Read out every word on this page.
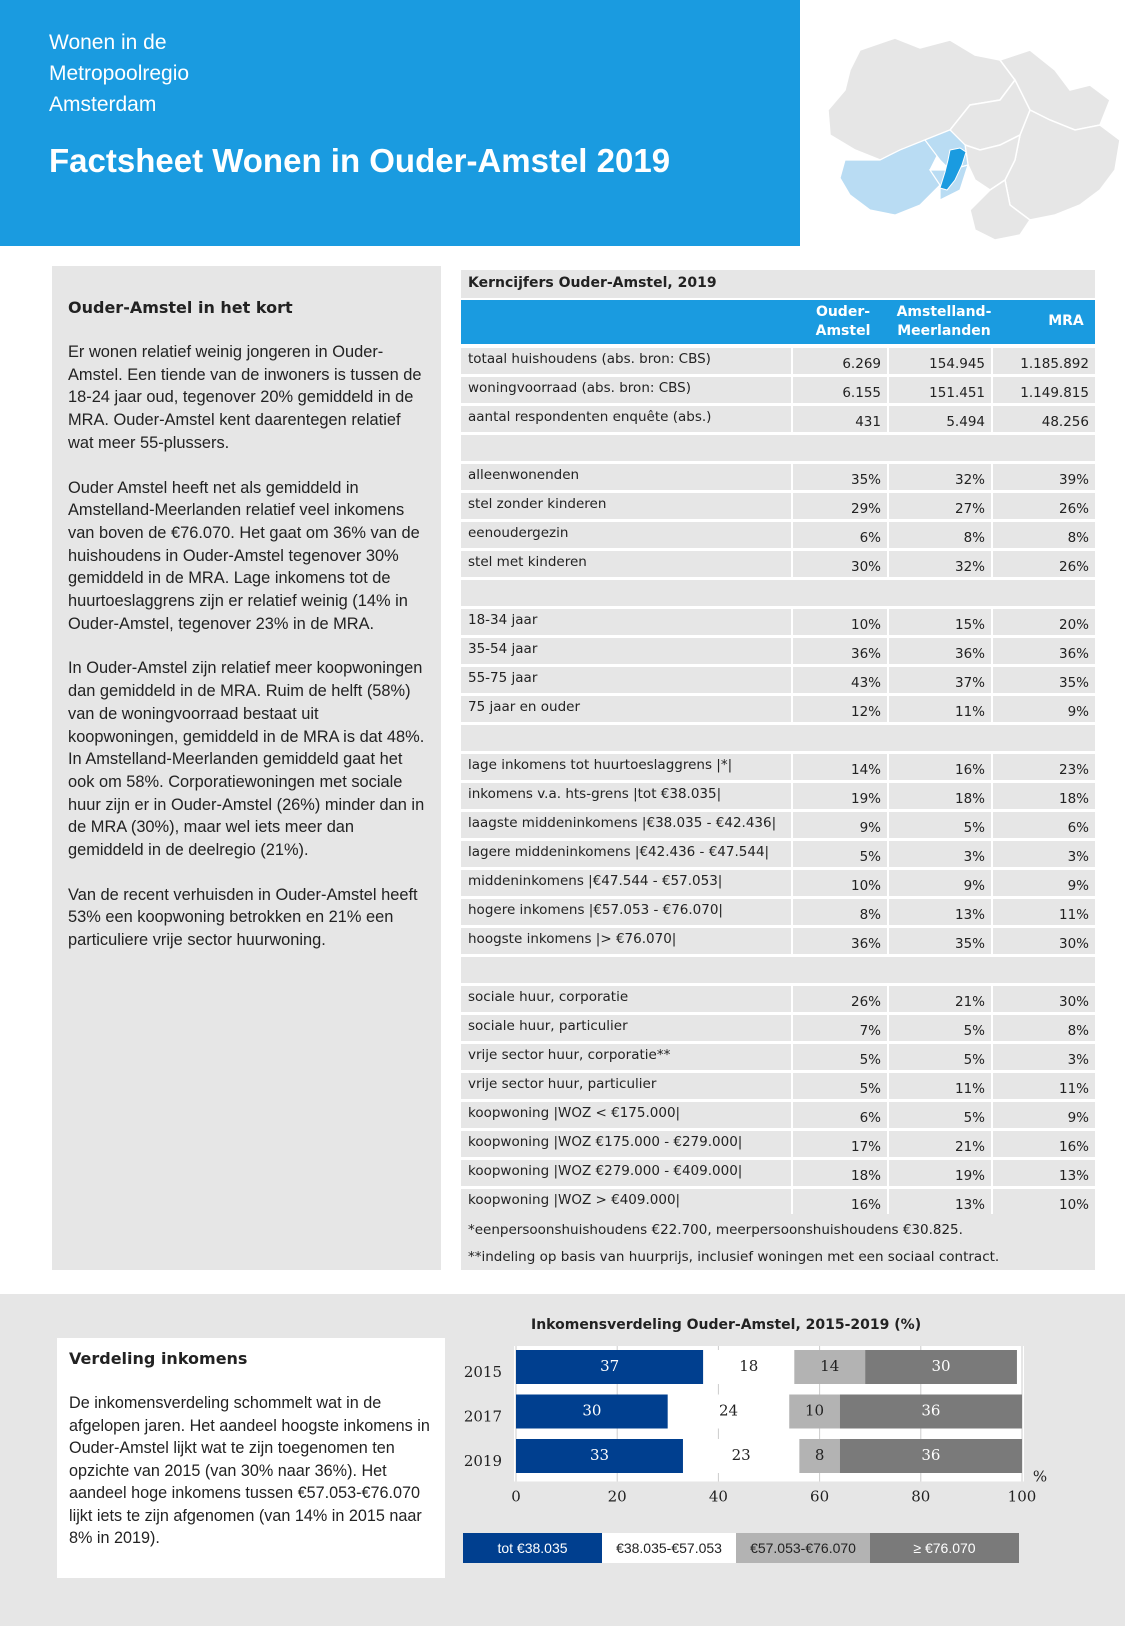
Wonen in de
Metropoolregio
Amsterdam
Factsheet Wonen in Ouder-Amstel 2019
Ouder-Amstel in het kort

Er wonen relatief weinig jongeren in Ouder-Amstel. Een tiende van de inwoners is tussen de 18-24 jaar oud, tegenover 20% gemiddeld in de MRA. Ouder-Amstel kent daarentegen relatief wat meer 55-plussers.

Ouder Amstel heeft net als gemiddeld in Amstelland-Meerlanden relatief veel inkomens van boven de €76.070. Het gaat om 36% van de huishoudens in Ouder-Amstel tegenover 30% gemiddeld in de MRA. Lage inkomens tot de huurtoeslaggrens zijn er relatief weinig (14% in Ouder-Amstel, tegenover 23% in de MRA.

In Ouder-Amstel zijn relatief meer koopwoningen dan gemiddeld in de MRA. Ruim de helft (58%) van de woningvoorraad bestaat uit koopwoningen, gemiddeld in de MRA is dat 48%. In Amstelland-Meerlanden gemiddeld gaat het ook om 58%. Corporatiewoningen met sociale huur zijn er in Ouder-Amstel (26%) minder dan in de MRA (30%), maar wel iets meer dan gemiddeld in de deelregio (21%).

Van de recent verhuisden in Ouder-Amstel heeft 53% een koopwoning betrokken en 21% een particuliere vrije sector huurwoning.

Kerncijfers Ouder-Amstel, 2019
Ouder-
Amstel
Amstelland-
Meerlanden
MRA
totaal huishoudens (abs. bron: CBS)	6.269	154.945	1.185.892
woningvoorraad (abs. bron: CBS)	6.155	151.451	1.149.815
aantal respondenten enquête (abs.)	431	5.494	48.256
alleenwonenden	35%	32%	39%
stel zonder kinderen	29%	27%	26%
eenoudergezin	6%	8%	8%
stel met kinderen	30%	32%	26%
18-34 jaar	10%	15%	20%
35-54 jaar	36%	36%	36%
55-75 jaar	43%	37%	35%
75 jaar en ouder	12%	11%	9%
lage inkomens tot huurtoeslaggrens |*|	14%	16%	23%
inkomens v.a. hts-grens |tot €38.035|	19%	18%	18%
laagste middeninkomens |€38.035 - €42.436|	9%	5%	6%
lagere middeninkomens |€42.436 - €47.544|	5%	3%	3%
middeninkomens |€47.544 - €57.053|	10%	9%	9%
hogere inkomens |€57.053 - €76.070|	8%	13%	11%
hoogste inkomens |> €76.070|	36%	35%	30%
sociale huur, corporatie	26%	21%	30%
sociale huur, particulier	7%	5%	8%
vrije sector huur, corporatie**	5%	5%	3%
vrije sector huur, particulier	5%	11%	11%
koopwoning |WOZ < €175.000|	6%	5%	9%
koopwoning |WOZ €175.000 - €279.000|	17%	21%	16%
koopwoning |WOZ €279.000 - €409.000|	18%	19%	13%
koopwoning |WOZ > €409.000|	16%	13%	10%
*eenpersoonshuishoudens €22.700, meerpersoonshuishoudens €30.825.
**indeling op basis van huurprijs, inclusief woningen met een sociaal contract.
Verdeling inkomens

De inkomensverdeling schommelt wat in de afgelopen jaren. Het aandeel hoogste inkomens in Ouder-Amstel lijkt wat te zijn toegenomen ten opzichte van 2015 (van 30% naar 36%). Het aandeel hoge inkomens tussen €57.053-€76.070 lijkt iets te zijn afgenomen (van 14% in 2015 naar 8% in 2019).

Inkomensverdeling Ouder-Amstel, 2015-2019 (%)
2015	37	18	14	30
2017	30	24	10	36
2019	33	23	8	36
0	20	40	60	80	100
%
tot €38.035	€38.035-€57.053 €57.053-€76.070	≥ €76.070
